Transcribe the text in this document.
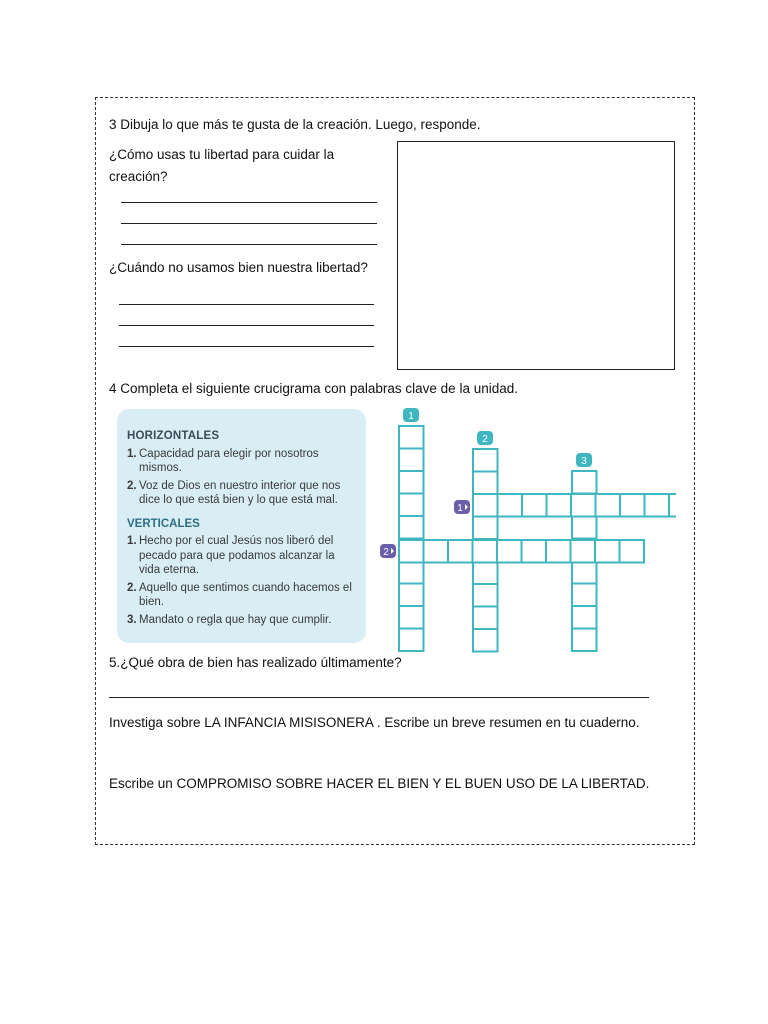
3 Dibuja lo que más te gusta de la creación. Luego, responde.
¿Cómo usas tu libertad para cuidar la
creación?
¿Cuándo no usamos bien nuestra libertad?
4 Completa el siguiente crucigrama con palabras clave de la unidad.
HORIZONTALES
1. Capacidad para elegir por nosotros mismos.
2. Voz de Dios en nuestro interior que nos dice lo que está bien y lo que está mal.
VERTICALES
1. Hecho por el cual Jesús nos liberó del pecado para que podamos alcanzar la vida eterna.
2. Aquello que sentimos cuando hacemos el bien.
3. Mandato o regla que hay que cumplir.
1
2
3
1
2
5.¿Qué obra de bien has realizado últimamente?
Investiga sobre LA INFANCIA MISISONERA . Escribe un breve resumen en tu cuaderno.
Escribe un COMPROMISO SOBRE HACER EL BIEN Y EL BUEN USO DE LA LIBERTAD.
